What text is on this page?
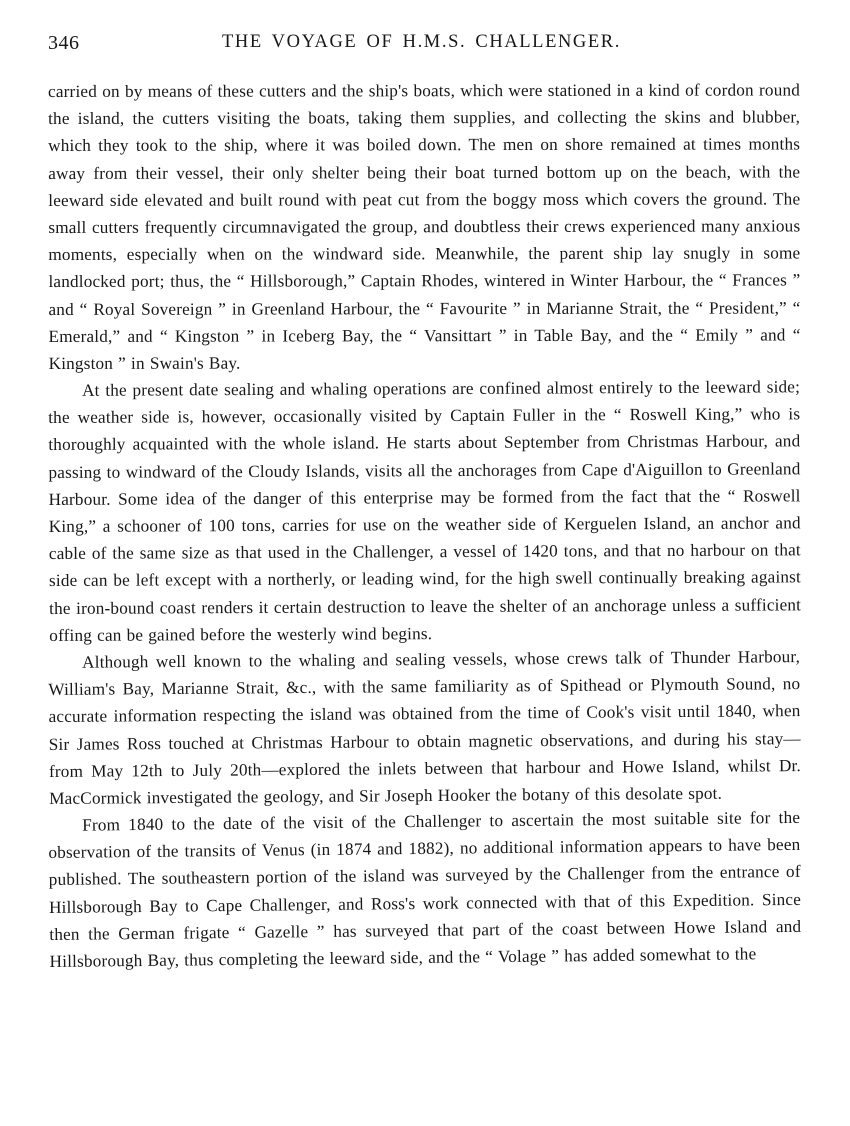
346	THE VOYAGE OF H.M.S. CHALLENGER.

carried on by means of these cutters and the ship's boats, which were stationed in a kind of cordon round the island, the cutters visiting the boats, taking them supplies, and collecting the skins and blubber, which they took to the ship, where it was boiled down. The men on shore remained at times months away from their vessel, their only shelter being their boat turned bottom up on the beach, with the leeward side elevated and built round with peat cut from the boggy moss which covers the ground. The small cutters frequently circumnavigated the group, and doubtless their crews experienced many anxious moments, especially when on the windward side. Meanwhile, the parent ship lay snugly in some landlocked port; thus, the “ Hillsborough,” Captain Rhodes, wintered in Winter Harbour, the “ Frances ” and “ Royal Sovereign ” in Greenland Harbour, the “ Favourite ” in Marianne Strait, the “ President,” “ Emerald,” and “ Kingston ” in Iceberg Bay, the “ Vansittart ” in Table Bay, and the “ Emily ” and “ Kingston ” in Swain's Bay.

At the present date sealing and whaling operations are confined almost entirely to the leeward side; the weather side is, however, occasionally visited by Captain Fuller in the “ Roswell King,” who is thoroughly acquainted with the whole island. He starts about September from Christmas Harbour, and passing to windward of the Cloudy Islands, visits all the anchorages from Cape d'Aiguillon to Greenland Harbour. Some idea of the danger of this enterprise may be formed from the fact that the “ Roswell King,” a schooner of 100 tons, carries for use on the weather side of Kerguelen Island, an anchor and cable of the same size as that used in the Challenger, a vessel of 1420 tons, and that no harbour on that side can be left except with a northerly, or leading wind, for the high swell continually breaking against the iron-bound coast renders it certain destruction to leave the shelter of an anchorage unless a sufficient offing can be gained before the westerly wind begins.

Although well known to the whaling and sealing vessels, whose crews talk of Thunder Harbour, William's Bay, Marianne Strait, &c., with the same familiarity as of Spithead or Plymouth Sound, no accurate information respecting the island was obtained from the time of Cook's visit until 1840, when Sir James Ross touched at Christmas Harbour to obtain magnetic observations, and during his stay—from May 12th to July 20th—explored the inlets between that harbour and Howe Island, whilst Dr. MacCormick investigated the geology, and Sir Joseph Hooker the botany of this desolate spot.

From 1840 to the date of the visit of the Challenger to ascertain the most suitable site for the observation of the transits of Venus (in 1874 and 1882), no additional information appears to have been published. The southeastern portion of the island was surveyed by the Challenger from the entrance of Hillsborough Bay to Cape Challenger, and Ross's work connected with that of this Expedition. Since then the German frigate “ Gazelle ” has surveyed that part of the coast between Howe Island and Hillsborough Bay, thus completing the leeward side, and the “ Volage ” has added somewhat to the
